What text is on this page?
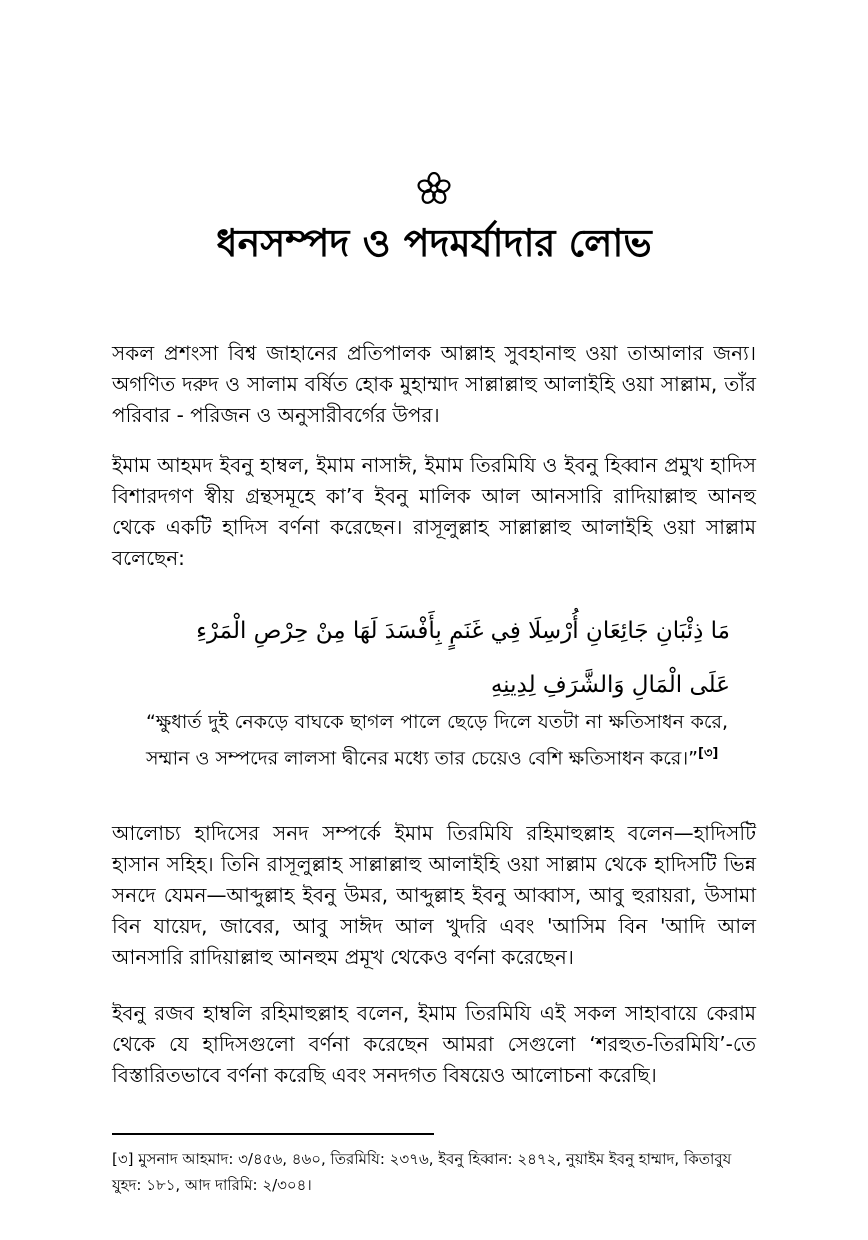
ধনসম্পদ ও পদমর্যাদার লোভ

সকল প্রশংসা বিশ্ব জাহানের প্রতিপালক আল্লাহ সুবহানাহু ওয়া তাআলার জন্য। অগণিত দরুদ ও সালাম বর্ষিত হোক মুহাম্মাদ সাল্লাল্লাহু আলাইহি ওয়া সাল্লাম, তাঁর পরিবার - পরিজন ও অনুসারীবর্গের উপর।

ইমাম আহমদ ইবনু হাম্বল, ইমাম নাসাঈ, ইমাম তিরমিযি ও ইবনু হিব্বান প্রমুখ হাদিস বিশারদগণ স্বীয় গ্রন্থসমূহে কা’ব ইবনু মালিক আল আনসারি রাদিয়াল্লাহু আনহু থেকে একটি হাদিস বর্ণনা করেছেন। রাসূলুল্লাহ সাল্লাল্লাহু আলাইহি ওয়া সাল্লাম বলেছেন:

مَا ذِئْبَانِ جَائِعَانِ أُرْسِلَا فِي غَنَمٍ بِأَفْسَدَ لَهَا مِنْ حِرْصِ الْمَرْءِ عَلَى الْمَالِ وَالشَّرَفِ لِدِينِهِ

“ক্ষুধার্ত দুই নেকড়ে বাঘকে ছাগল পালে ছেড়ে দিলে যতটা না ক্ষতিসাধন করে, সম্মান ও সম্পদের লালসা দ্বীনের মধ্যে তার চেয়েও বেশি ক্ষতিসাধন করে।”[৩]

আলোচ্য হাদিসের সনদ সম্পর্কে ইমাম তিরমিযি রহিমাহুল্লাহ বলেন—হাদিসটি হাসান সহিহ। তিনি রাসূলুল্লাহ সাল্লাল্লাহু আলাইহি ওয়া সাল্লাম থেকে হাদিসটি ভিন্ন সনদে যেমন—আব্দুল্লাহ ইবনু উমর, আব্দুল্লাহ ইবনু আব্বাস, আবু হুরায়রা, উসামা বিন যায়েদ, জাবের, আবু সাঈদ আল খুদরি এবং 'আসিম বিন 'আদি আল আনসারি রাদিয়াল্লাহু আনহুম প্রমূখ থেকেও বর্ণনা করেছেন।

ইবনু রজব হাম্বলি রহিমাহুল্লাহ বলেন, ইমাম তিরমিযি এই সকল সাহাবায়ে কেরাম থেকে যে হাদিসগুলো বর্ণনা করেছেন আমরা সেগুলো ‘শরহুত-তিরমিযি’-তে বিস্তারিতভাবে বর্ণনা করেছি এবং সনদগত বিষয়েও আলোচনা করেছি।

[৩] মুসনাদ আহমাদ: ৩/৪৫৬, ৪৬০, তিরমিযি: ২৩৭৬, ইবনু হিব্বান: ২৪৭২, নুয়াইম ইবনু হাম্মাদ, কিতাবুয যুহদ: ১৮১, আদ দারিমি: ২/৩০৪।
